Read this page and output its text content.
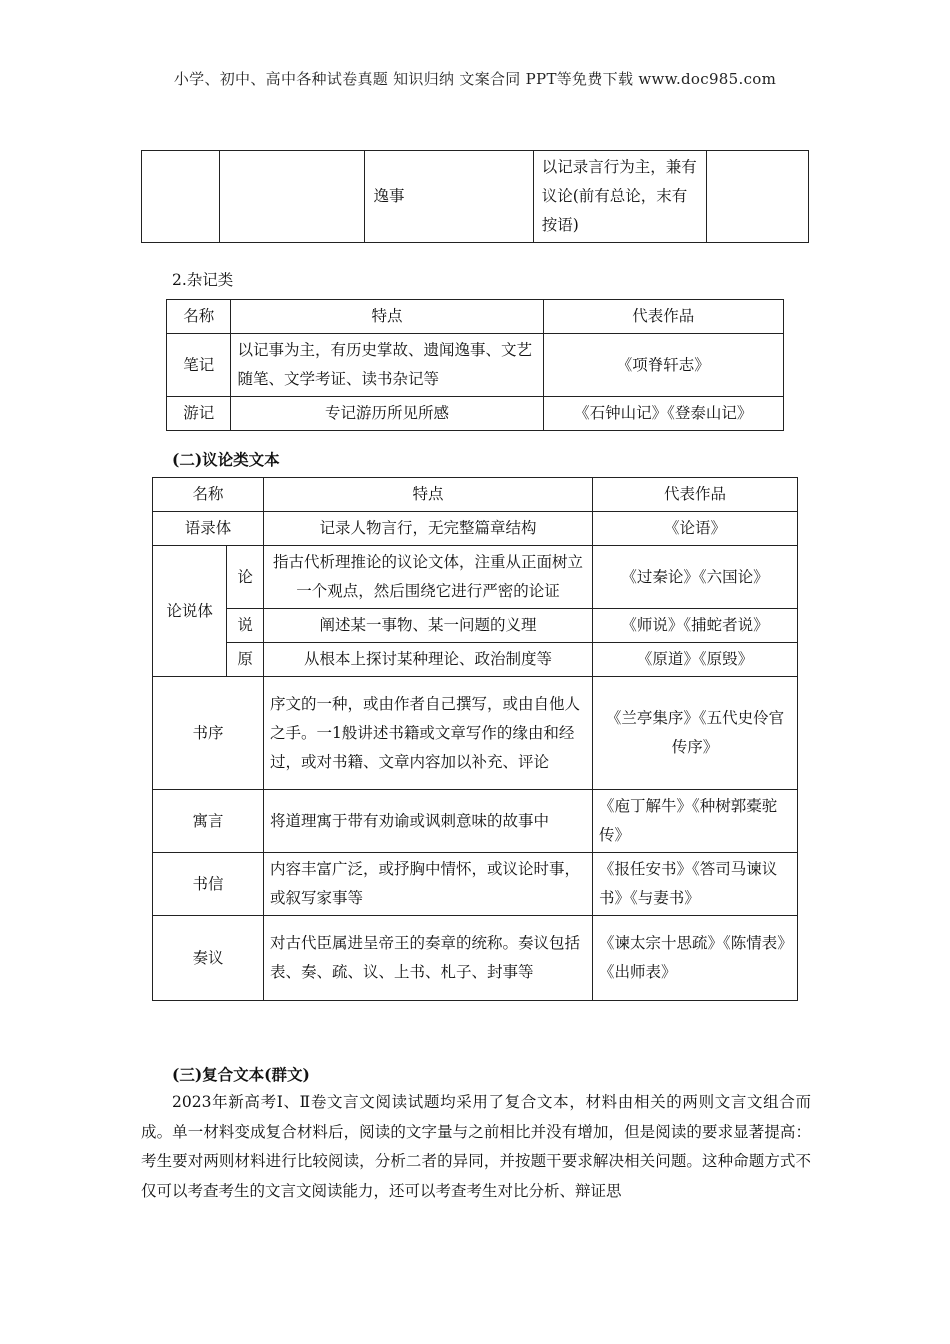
小学、初中、高中各种试卷真题 知识归纳 文案合同 PPT等免费下载 www.doc985.com
		逸事	以记录言行为主，兼有议论(前有总论，末有按语)	
2.杂记类
名称	特点	代表作品
笔记	以记事为主，有历史掌故、遗闻逸事、文艺随笔、文学考证、读书杂记等	《项脊轩志》
游记	专记游历所见所感	《石钟山记》《登泰山记》
(二)议论类文本
名称		特点	代表作品
语录体		记录人物言行，无完整篇章结构	《论语》
论说体	论	指古代析理推论的议论文体，注重从正面树立一个观点，然后围绕它进行严密的论证	《过秦论》《六国论》
	说	阐述某一事物、某一问题的义理	《师说》《捕蛇者说》
	原	从根本上探讨某种理论、政治制度等	《原道》《原毁》
书序		序文的一种，或由作者自己撰写，或由自他人之手。一1般讲述书籍或文章写作的缘由和经过，或对书籍、文章内容加以补充、评论	《兰亭集序》《五代史伶官传序》
寓言		将道理寓于带有劝谕或讽刺意味的故事中	《庖丁解牛》《种树郭橐驼传》
书信		内容丰富广泛，或抒胸中情怀，或议论时事，或叙写家事等	《报任安书》《答司马谏议书》《与妻书》
奏议		对古代臣属进呈帝王的奏章的统称。奏议包括表、奏、疏、议、上书、札子、封事等	《谏太宗十思疏》《陈情表》《出师表》
(三)复合文本(群文)

2023年新高考Ⅰ、Ⅱ卷文言文阅读试题均采用了复合文本，材料由相关的两则文言文组合而成。单一材料变成复合材料后，阅读的文字量与之前相比并没有增加，但是阅读的要求显著提高：考生要对两则材料进行比较阅读，分析二者的异同，并按题干要求解决相关问题。这种命题方式不仅可以考查考生的文言文阅读能力，还可以考查考生对比分析、辩证思
